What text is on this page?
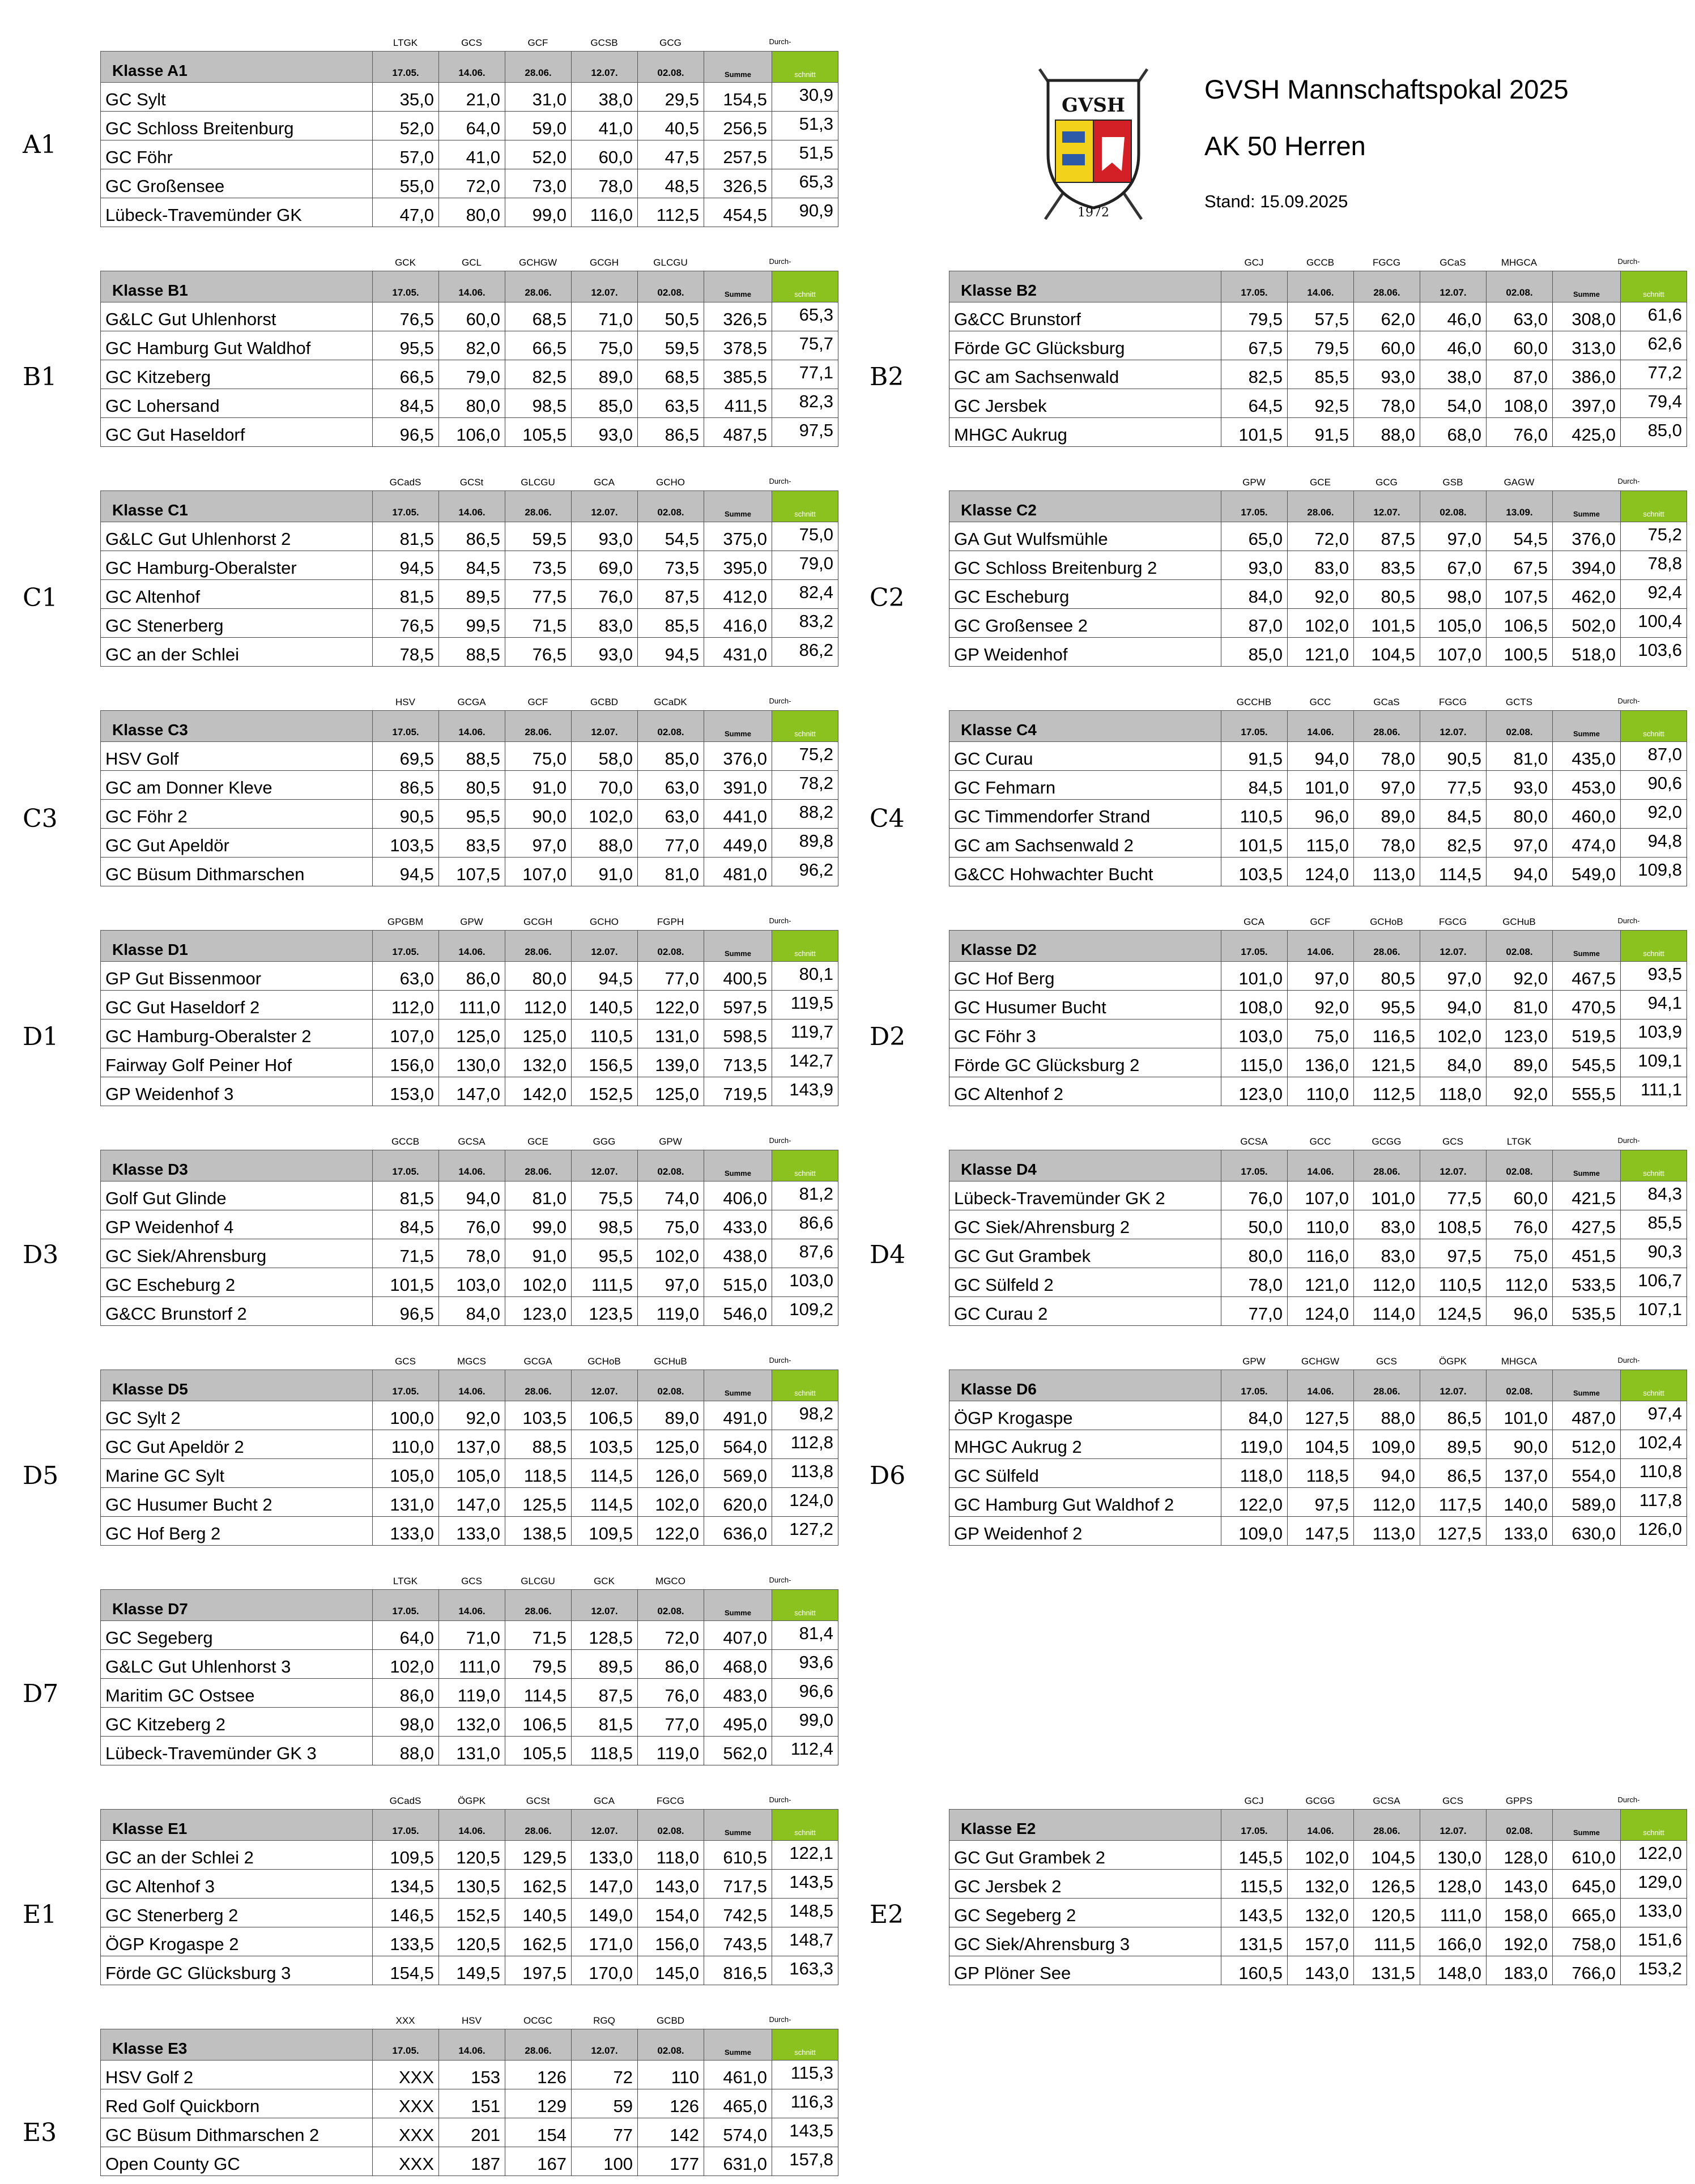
GVSH
1972
GVSH Mannschaftspokal 2025
AK 50 Herren
Stand: 15.09.2025
LTGK	GCS	GCF	GCSB	GCG	Durch-
Klasse A1	17.05.	14.06.	28.06.	12.07.	02.08.	Summe	schnitt
GC Sylt	35,0	21,0	31,0	38,0	29,5	154,5	30,9
GC Schloss Breitenburg	52,0	64,0	59,0	41,0	40,5	256,5	51,3
GC Föhr	57,0	41,0	52,0	60,0	47,5	257,5	51,5
GC Großensee	55,0	72,0	73,0	78,0	48,5	326,5	65,3
Lübeck-Travemünder GK	47,0	80,0	99,0	116,0	112,5	454,5	90,9
A1
GCK	GCL	GCHGW	GCGH	GLCGU	Durch-
Klasse B1	17.05.	14.06.	28.06.	12.07.	02.08.	Summe	schnitt
G&LC Gut Uhlenhorst	76,5	60,0	68,5	71,0	50,5	326,5	65,3
GC Hamburg Gut Waldhof	95,5	82,0	66,5	75,0	59,5	378,5	75,7
GC Kitzeberg	66,5	79,0	82,5	89,0	68,5	385,5	77,1
GC Lohersand	84,5	80,0	98,5	85,0	63,5	411,5	82,3
GC Gut Haseldorf	96,5	106,0	105,5	93,0	86,5	487,5	97,5
B1
GCJ	GCCB	FGCG	GCaS	MHGCA	Durch-
Klasse B2	17.05.	14.06.	28.06.	12.07.	02.08.	Summe	schnitt
G&CC Brunstorf	79,5	57,5	62,0	46,0	63,0	308,0	61,6
Förde GC Glücksburg	67,5	79,5	60,0	46,0	60,0	313,0	62,6
GC am Sachsenwald	82,5	85,5	93,0	38,0	87,0	386,0	77,2
GC Jersbek	64,5	92,5	78,0	54,0	108,0	397,0	79,4
MHGC Aukrug	101,5	91,5	88,0	68,0	76,0	425,0	85,0
B2
GCadS	GCSt	GLCGU	GCA	GCHO	Durch-
Klasse C1	17.05.	14.06.	28.06.	12.07.	02.08.	Summe	schnitt
G&LC Gut Uhlenhorst 2	81,5	86,5	59,5	93,0	54,5	375,0	75,0
GC Hamburg-Oberalster	94,5	84,5	73,5	69,0	73,5	395,0	79,0
GC Altenhof	81,5	89,5	77,5	76,0	87,5	412,0	82,4
GC Stenerberg	76,5	99,5	71,5	83,0	85,5	416,0	83,2
GC an der Schlei	78,5	88,5	76,5	93,0	94,5	431,0	86,2
C1
GPW	GCE	GCG	GSB	GAGW	Durch-
Klasse C2	17.05.	28.06.	12.07.	02.08.	13.09.	Summe	schnitt
GA Gut Wulfsmühle	65,0	72,0	87,5	97,0	54,5	376,0	75,2
GC Schloss Breitenburg 2	93,0	83,0	83,5	67,0	67,5	394,0	78,8
GC Escheburg	84,0	92,0	80,5	98,0	107,5	462,0	92,4
GC Großensee 2	87,0	102,0	101,5	105,0	106,5	502,0	100,4
GP Weidenhof	85,0	121,0	104,5	107,0	100,5	518,0	103,6
C2
HSV	GCGA	GCF	GCBD	GCaDK	Durch-
Klasse C3	17.05.	14.06.	28.06.	12.07.	02.08.	Summe	schnitt
HSV Golf	69,5	88,5	75,0	58,0	85,0	376,0	75,2
GC am Donner Kleve	86,5	80,5	91,0	70,0	63,0	391,0	78,2
GC Föhr 2	90,5	95,5	90,0	102,0	63,0	441,0	88,2
GC Gut Apeldör	103,5	83,5	97,0	88,0	77,0	449,0	89,8
GC Büsum Dithmarschen	94,5	107,5	107,0	91,0	81,0	481,0	96,2
C3
GCCHB	GCC	GCaS	FGCG	GCTS	Durch-
Klasse C4	17.05.	14.06.	28.06.	12.07.	02.08.	Summe	schnitt
GC Curau	91,5	94,0	78,0	90,5	81,0	435,0	87,0
GC Fehmarn	84,5	101,0	97,0	77,5	93,0	453,0	90,6
GC Timmendorfer Strand	110,5	96,0	89,0	84,5	80,0	460,0	92,0
GC am Sachsenwald 2	101,5	115,0	78,0	82,5	97,0	474,0	94,8
G&CC Hohwachter Bucht	103,5	124,0	113,0	114,5	94,0	549,0	109,8
C4
GPGBM	GPW	GCGH	GCHO	FGPH	Durch-
Klasse D1	17.05.	14.06.	28.06.	12.07.	02.08.	Summe	schnitt
GP Gut Bissenmoor	63,0	86,0	80,0	94,5	77,0	400,5	80,1
GC Gut Haseldorf 2	112,0	111,0	112,0	140,5	122,0	597,5	119,5
GC Hamburg-Oberalster 2	107,0	125,0	125,0	110,5	131,0	598,5	119,7
Fairway Golf Peiner Hof	156,0	130,0	132,0	156,5	139,0	713,5	142,7
GP Weidenhof 3	153,0	147,0	142,0	152,5	125,0	719,5	143,9
D1
GCA	GCF	GCHoB	FGCG	GCHuB	Durch-
Klasse D2	17.05.	14.06.	28.06.	12.07.	02.08.	Summe	schnitt
GC Hof Berg	101,0	97,0	80,5	97,0	92,0	467,5	93,5
GC Husumer Bucht	108,0	92,0	95,5	94,0	81,0	470,5	94,1
GC Föhr 3	103,0	75,0	116,5	102,0	123,0	519,5	103,9
Förde GC Glücksburg 2	115,0	136,0	121,5	84,0	89,0	545,5	109,1
GC Altenhof 2	123,0	110,0	112,5	118,0	92,0	555,5	111,1
D2
GCCB	GCSA	GCE	GGG	GPW	Durch-
Klasse D3	17.05.	14.06.	28.06.	12.07.	02.08.	Summe	schnitt
Golf Gut Glinde	81,5	94,0	81,0	75,5	74,0	406,0	81,2
GP Weidenhof 4	84,5	76,0	99,0	98,5	75,0	433,0	86,6
GC Siek/Ahrensburg	71,5	78,0	91,0	95,5	102,0	438,0	87,6
GC Escheburg 2	101,5	103,0	102,0	111,5	97,0	515,0	103,0
G&CC Brunstorf 2	96,5	84,0	123,0	123,5	119,0	546,0	109,2
D3
GCSA	GCC	GCGG	GCS	LTGK	Durch-
Klasse D4	17.05.	14.06.	28.06.	12.07.	02.08.	Summe	schnitt
Lübeck-Travemünder GK 2	76,0	107,0	101,0	77,5	60,0	421,5	84,3
GC Siek/Ahrensburg 2	50,0	110,0	83,0	108,5	76,0	427,5	85,5
GC Gut Grambek	80,0	116,0	83,0	97,5	75,0	451,5	90,3
GC Sülfeld 2	78,0	121,0	112,0	110,5	112,0	533,5	106,7
GC Curau 2	77,0	124,0	114,0	124,5	96,0	535,5	107,1
D4
GCS	MGCS	GCGA	GCHoB	GCHuB	Durch-
Klasse D5	17.05.	14.06.	28.06.	12.07.	02.08.	Summe	schnitt
GC Sylt 2	100,0	92,0	103,5	106,5	89,0	491,0	98,2
GC Gut Apeldör 2	110,0	137,0	88,5	103,5	125,0	564,0	112,8
Marine GC Sylt	105,0	105,0	118,5	114,5	126,0	569,0	113,8
GC Husumer Bucht 2	131,0	147,0	125,5	114,5	102,0	620,0	124,0
GC Hof Berg 2	133,0	133,0	138,5	109,5	122,0	636,0	127,2
D5
GPW	GCHGW	GCS	ÖGPK	MHGCA	Durch-
Klasse D6	17.05.	14.06.	28.06.	12.07.	02.08.	Summe	schnitt
ÖGP Krogaspe	84,0	127,5	88,0	86,5	101,0	487,0	97,4
MHGC Aukrug 2	119,0	104,5	109,0	89,5	90,0	512,0	102,4
GC Sülfeld	118,0	118,5	94,0	86,5	137,0	554,0	110,8
GC Hamburg Gut Waldhof 2	122,0	97,5	112,0	117,5	140,0	589,0	117,8
GP Weidenhof 2	109,0	147,5	113,0	127,5	133,0	630,0	126,0
D6
LTGK	GCS	GLCGU	GCK	MGCO	Durch-
Klasse D7	17.05.	14.06.	28.06.	12.07.	02.08.	Summe	schnitt
GC Segeberg	64,0	71,0	71,5	128,5	72,0	407,0	81,4
G&LC Gut Uhlenhorst 3	102,0	111,0	79,5	89,5	86,0	468,0	93,6
Maritim GC Ostsee	86,0	119,0	114,5	87,5	76,0	483,0	96,6
GC Kitzeberg 2	98,0	132,0	106,5	81,5	77,0	495,0	99,0
Lübeck-Travemünder GK 3	88,0	131,0	105,5	118,5	119,0	562,0	112,4
D7
GCadS	ÖGPK	GCSt	GCA	FGCG	Durch-
Klasse E1	17.05.	14.06.	28.06.	12.07.	02.08.	Summe	schnitt
GC an der Schlei 2	109,5	120,5	129,5	133,0	118,0	610,5	122,1
GC Altenhof 3	134,5	130,5	162,5	147,0	143,0	717,5	143,5
GC Stenerberg 2	146,5	152,5	140,5	149,0	154,0	742,5	148,5
ÖGP Krogaspe 2	133,5	120,5	162,5	171,0	156,0	743,5	148,7
Förde GC Glücksburg 3	154,5	149,5	197,5	170,0	145,0	816,5	163,3
E1
GCJ	GCGG	GCSA	GCS	GPPS	Durch-
Klasse E2	17.05.	14.06.	28.06.	12.07.	02.08.	Summe	schnitt
GC Gut Grambek 2	145,5	102,0	104,5	130,0	128,0	610,0	122,0
GC Jersbek 2	115,5	132,0	126,5	128,0	143,0	645,0	129,0
GC Segeberg 2	143,5	132,0	120,5	111,0	158,0	665,0	133,0
GC Siek/Ahrensburg 3	131,5	157,0	111,5	166,0	192,0	758,0	151,6
GP Plöner See	160,5	143,0	131,5	148,0	183,0	766,0	153,2
E2
XXX	HSV	OCGC	RGQ	GCBD	Durch-
Klasse E3	17.05.	14.06.	28.06.	12.07.	02.08.	Summe	schnitt
HSV Golf 2	XXX	153	126	72	110	461,0	115,3
Red Golf Quickborn	XXX	151	129	59	126	465,0	116,3
GC Büsum Dithmarschen 2	XXX	201	154	77	142	574,0	143,5
Open County GC	XXX	187	167	100	177	631,0	157,8
E3
